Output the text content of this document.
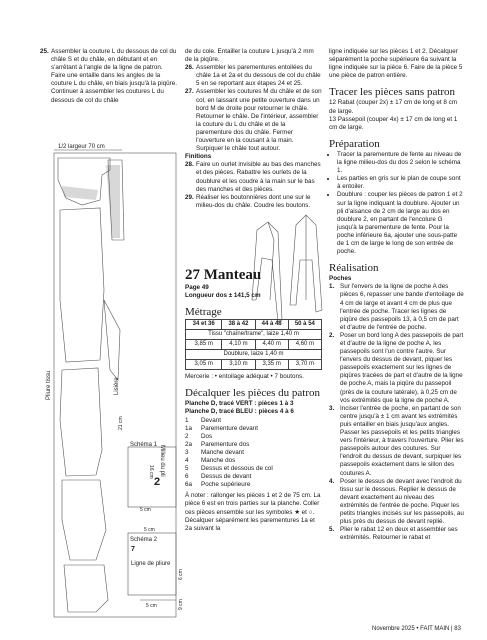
25. Assembler la couture L du dessous de col du châle S et du châle, en débutant et en s'arrêtant à l'angle de la ligne de patron. Faire une entaille dans les angles de la couture L du châle, en biais jusqu'à la piqûre. Continuer à assembler les coutures L du dessous de col du châle

Schéma 1
Schéma 2
7
Ligne de pliure
5 cm
5 cm
5 cm
2
1/2 largeur 70 cm
Pliure tissu	Lisière
Milieu du pli
21 cm
16 cm
6 cm
9 cm

de du cole. Entailler la couture L jusqu'à 2 mm de la piqûre.

26. Assembler les parementures entoilées du châle 1a et 2a et du dessous de col du châle 5 en se reportant aux étapes 24 et 25.

27. Assembler les coutures M du châle et de son col, en laissant une petite ouverture dans un bord M de droite pour retourner le châle. Retourner le châle. De l'intérieur, assembler la couture du L du châle et de la parementure dos du châle. Fermer l'ouverture en la cousant à la main. Surpiquer le châle tout autour.

Finitions

28. Faire un ourlet invisible au bas des manches et des pièces. Rabattre les ourlets de la doublure et les coudre à la main sur le bas des manches et des pièces.

29. Réaliser les boutonnières dont une sur le milieu-dos du châle. Coudre les boutons.

27 Manteau

Page 49

Longueur dos ± 141,5 cm

Métrage
34 et 36	38 à 42	44 à 48	50 à 54
Tissu "chaîne/trame", laize 1,40 m			
3,85 m	4,10 m	4,40 m	4,60 m
Doublure, laize 1,40 m			
3,05 m	3,10 m	3,35 m	3,70 m

Mercerie : • entoilage adéquat • 7 boutons.

Décalquer les pièces du patron

Planche D, tracé VERT : pièces 1 à 3

Planche D, tracé BLEU : pièces 4 à 6

1	Devant
1a	Parementure devant
2	Dos
2a	Parementure dos
3	Manche devant
4	Manche dos
5	Dessus et dessous de col
6	Dessus de devant
6a	Poche supérieure

À noter : rallonger les pièces 1 et 2 de 75 cm. La pièce 6 est en trois parties sur la planche. Coller ces pièces ensemble sur les symboles ★ et ○. Décalquer séparément les parementures 1a et 2a suivant la

ligne indiquée sur les pièces 1 et 2. Décalquer séparément la poche supérieure 6a suivant la ligne indiquée sur la pièce 6. Faire de la pièce 5 une pièce de patron entière.

Tracer les pièces sans patron

12 Rabat (couper 2x) ± 17 cm de long et 8 cm de large.

13 Passepoil (couper 4x) ± 17 cm de long et 1 cm de large.

Préparation
• Tracer la parementure de fente au niveau de la ligne milieu-dos du dos 2 selon le schéma 1.
• Les parties en gris sur le plan de coupe sont à entoiler.
• Doublure : couper les pièces de patron 1 et 2 sur la ligne indiquant la doublure. Ajouter un pli d'aisance de 2 cm de large au dos en doublure 2, en partant de l'encolure G jusqu'à la parementure de fente. Pour la poche inférieure 6a, ajouter une sous-patte de 1 cm de large le long de son entrée de poche.
Réalisation

Poches

1. Sur l'envers de la ligne de poche A des pièces 6, repasser une bande d'entoilage de 4 cm de large et avant 4 cm de plus que l'entrée de poche. Tracer les lignes de piqûre des passepoils 13, à 0,5 cm de part et d'autre de l'entrée de poche.

2. Poser un bord long A des passepoils de part et d'autre de la ligne de poche A, les passepoils sont l'un contre l'autre. Sur l'envers du dessus de devant, piquer les passepoils exactement sur les lignes de piqûres tracées de part et d'autre de la ligne de poche A, mais la piqûre du passepoil (près de la couture latérale), à 0,25 cm de vos extrémités que la ligne de poche A.

3. Inciser l'entrée de poche, en partant de son centre jusqu'à ± 1 cm avant les extrémités puis entailler en biais jusqu'aux angles. Passer les passepoils et les petits triangles vers l'intérieur, à travers l'ouverture. Plier les passepoils autour des coutures. Sur l'endroit du dessus de devant, surpiquer les passepoils exactement dans le sillon des coutures A.

4. Poser le dessus de devant avec l'endroit du tissu sur le dessous. Replier le dessus de devant exactement au niveau des extrémités de l'entrée de poche. Piquer les petits triangles incisés sur les passepoils, au plus près du dessus de devant replié.

5. Plier le rabat 12 en deux et assembler ses extrémités. Retourner le rabat et

Novembre 2025 • FAIT MAIN | 83
